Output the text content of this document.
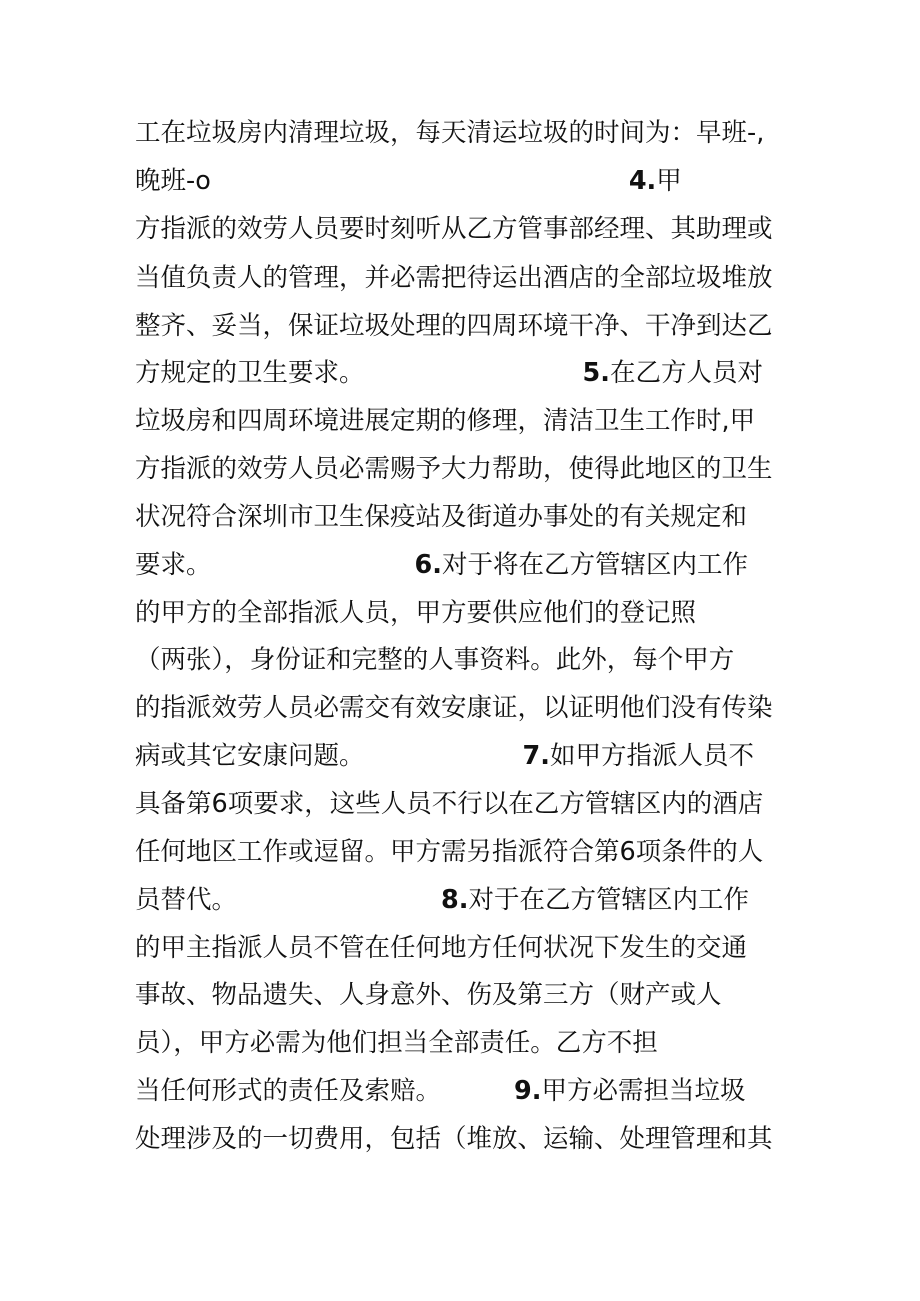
工在垃圾房内清理垃圾，每天清运垃圾的时间为：早班-,
晚班-o	4.甲
方指派的效劳人员要时刻听从乙方管事部经理、其助理或
当值负责人的管理，并必需把待运出酒店的全部垃圾堆放
整齐、妥当，保证垃圾处理的四周环境干净、干净到达乙
方规定的卫生要求。	5.在乙方人员对
垃圾房和四周环境进展定期的修理，清洁卫生工作时,甲
方指派的效劳人员必需赐予大力帮助，使得此地区的卫生
状况符合深圳市卫生保疫站及街道办事处的有关规定和
要求。	6.对于将在乙方管辖区内工作
的甲方的全部指派人员，甲方要供应他们的登记照
（两张），身份证和完整的人事资料。此外，每个甲方
的指派效劳人员必需交有效安康证，以证明他们没有传染
病或其它安康问题。	7.如甲方指派人员不
具备第6项要求，这些人员不行以在乙方管辖区内的酒店
任何地区工作或逗留。甲方需另指派符合第6项条件的人
员替代。	8.对于在乙方管辖区内工作
的甲主指派人员不管在任何地方任何状况下发生的交通
事故、物品遗失、人身意外、伤及第三方（财产或人
员），甲方必需为他们担当全部责任。乙方不担
当任何形式的责任及索赔。	9.甲方必需担当垃圾
处理涉及的一切费用，包括（堆放、运输、处理管理和其
